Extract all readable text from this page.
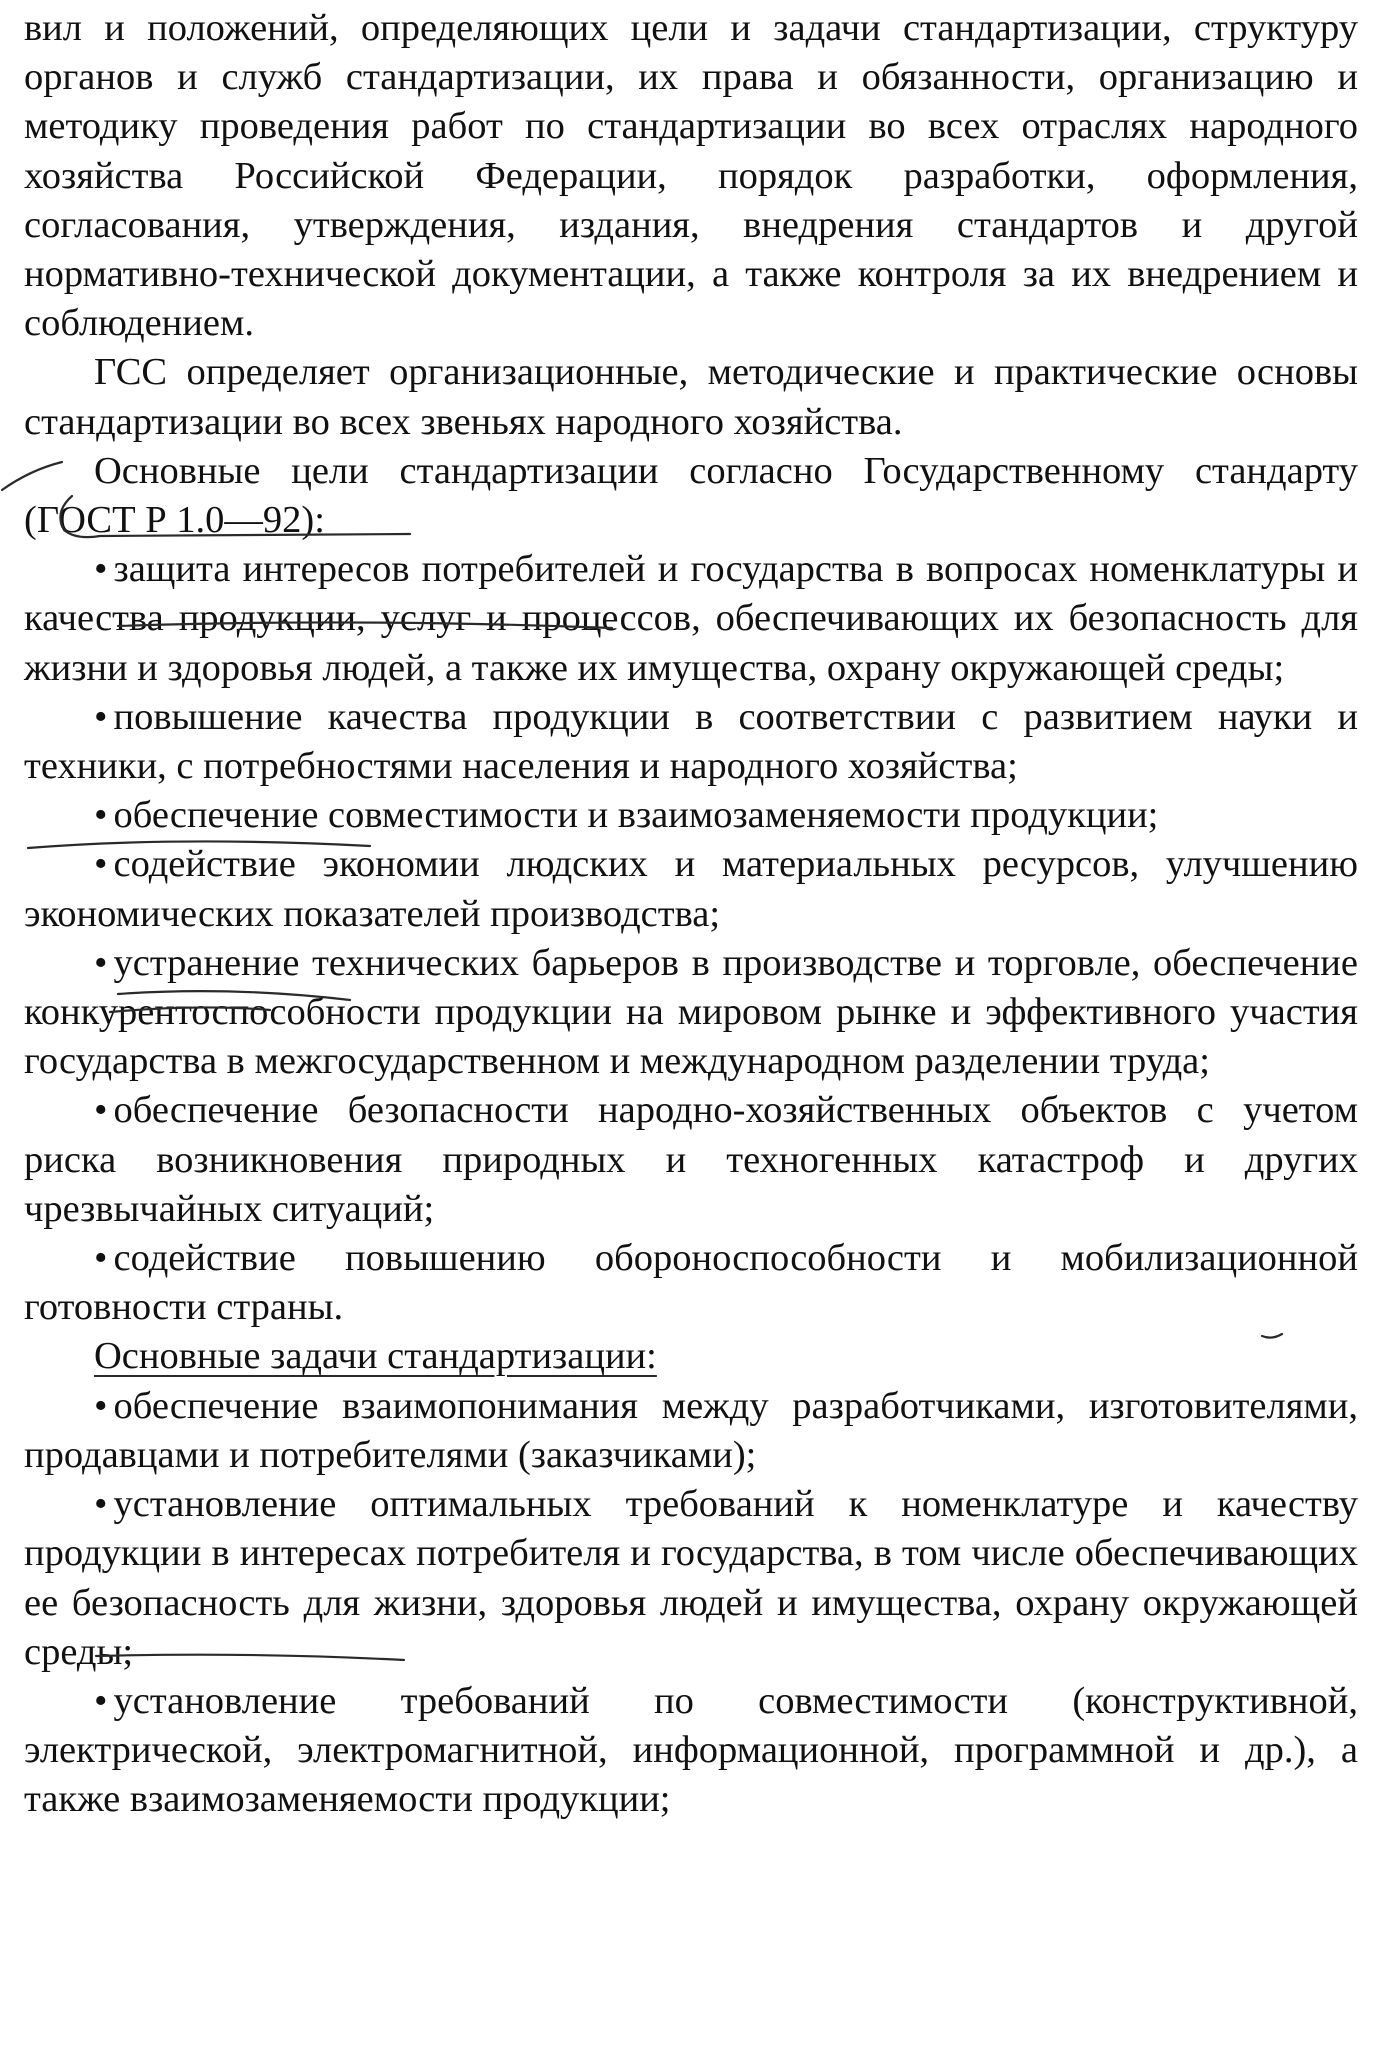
вил и положений, определяющих цели и задачи стандартизации, структуру органов и служб стандартизации, их права и обязанности, организацию и методику проведения работ по стандартизации во всех отраслях народного хозяйства Российской Федерации, порядок разработки, оформления, согласования, утверждения, издания, внедрения стандартов и другой нормативно-технической документации, а также контроля за их внедрением и соблюдением.

ГСС определяет организационные, методические и практические основы стандартизации во всех звеньях народного хозяйства.

Основные цели стандартизации согласно Государственному стандарту (ГОСТ Р 1.0—92):

• защита интересов потребителей и государства в вопросах номенклатуры и качества продукции, услуг и процессов, обеспечивающих их безопасность для жизни и здоровья людей, а также их имущества, охрану окружающей среды;

• повышение качества продукции в соответствии с развитием науки и техники, с потребностями населения и народного хозяйства;

• обеспечение совместимости и взаимозаменяемости продукции;

• содействие экономии людских и материальных ресурсов, улучшению экономических показателей производства;

• устранение технических барьеров в производстве и торговле, обеспечение конкурентоспособности продукции на мировом рынке и эффективного участия государства в межгосударственном и международном разделении труда;

• обеспечение безопасности народно-хозяйственных объектов с учетом риска возникновения природных и техногенных катастроф и других чрезвычайных ситуаций;

• содействие повышению обороноспособности и мобилизационной готовности страны.

Основные задачи стандартизации:

• обеспечение взаимопонимания между разработчиками, изготовителями, продавцами и потребителями (заказчиками);

• установление оптимальных требований к номенклатуре и качеству продукции в интересах потребителя и государства, в том числе обеспечивающих ее безопасность для жизни, здоровья людей и имущества, охрану окружающей среды;

• установление требований по совместимости (конструктивной, электрической, электромагнитной, информационной, программной и др.), а также взаимозаменяемости продукции;
